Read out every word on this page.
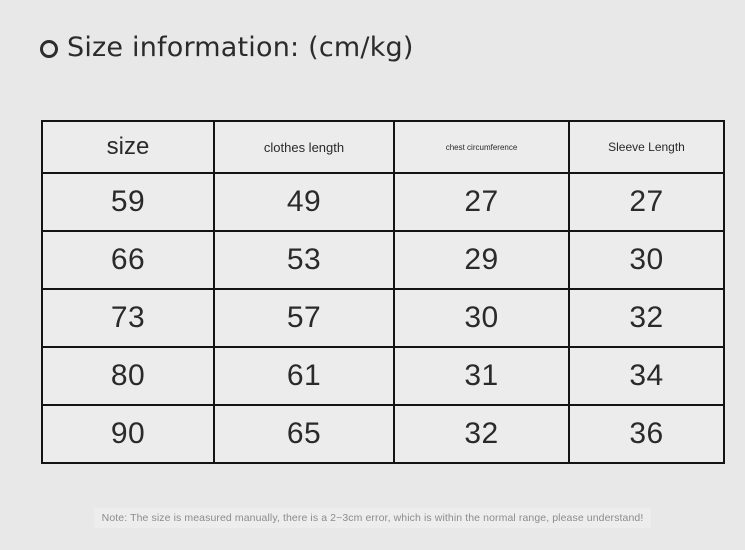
Size information: (cm/kg)
size	clothes length	chest circumference	Sleeve Length
59	49	27	27
66	53	29	30
73	57	30	32
80	61	31	34
90	65	32	36
Note: The size is measured manually, there is a 2~3cm error, which is within the normal range, please understand!
